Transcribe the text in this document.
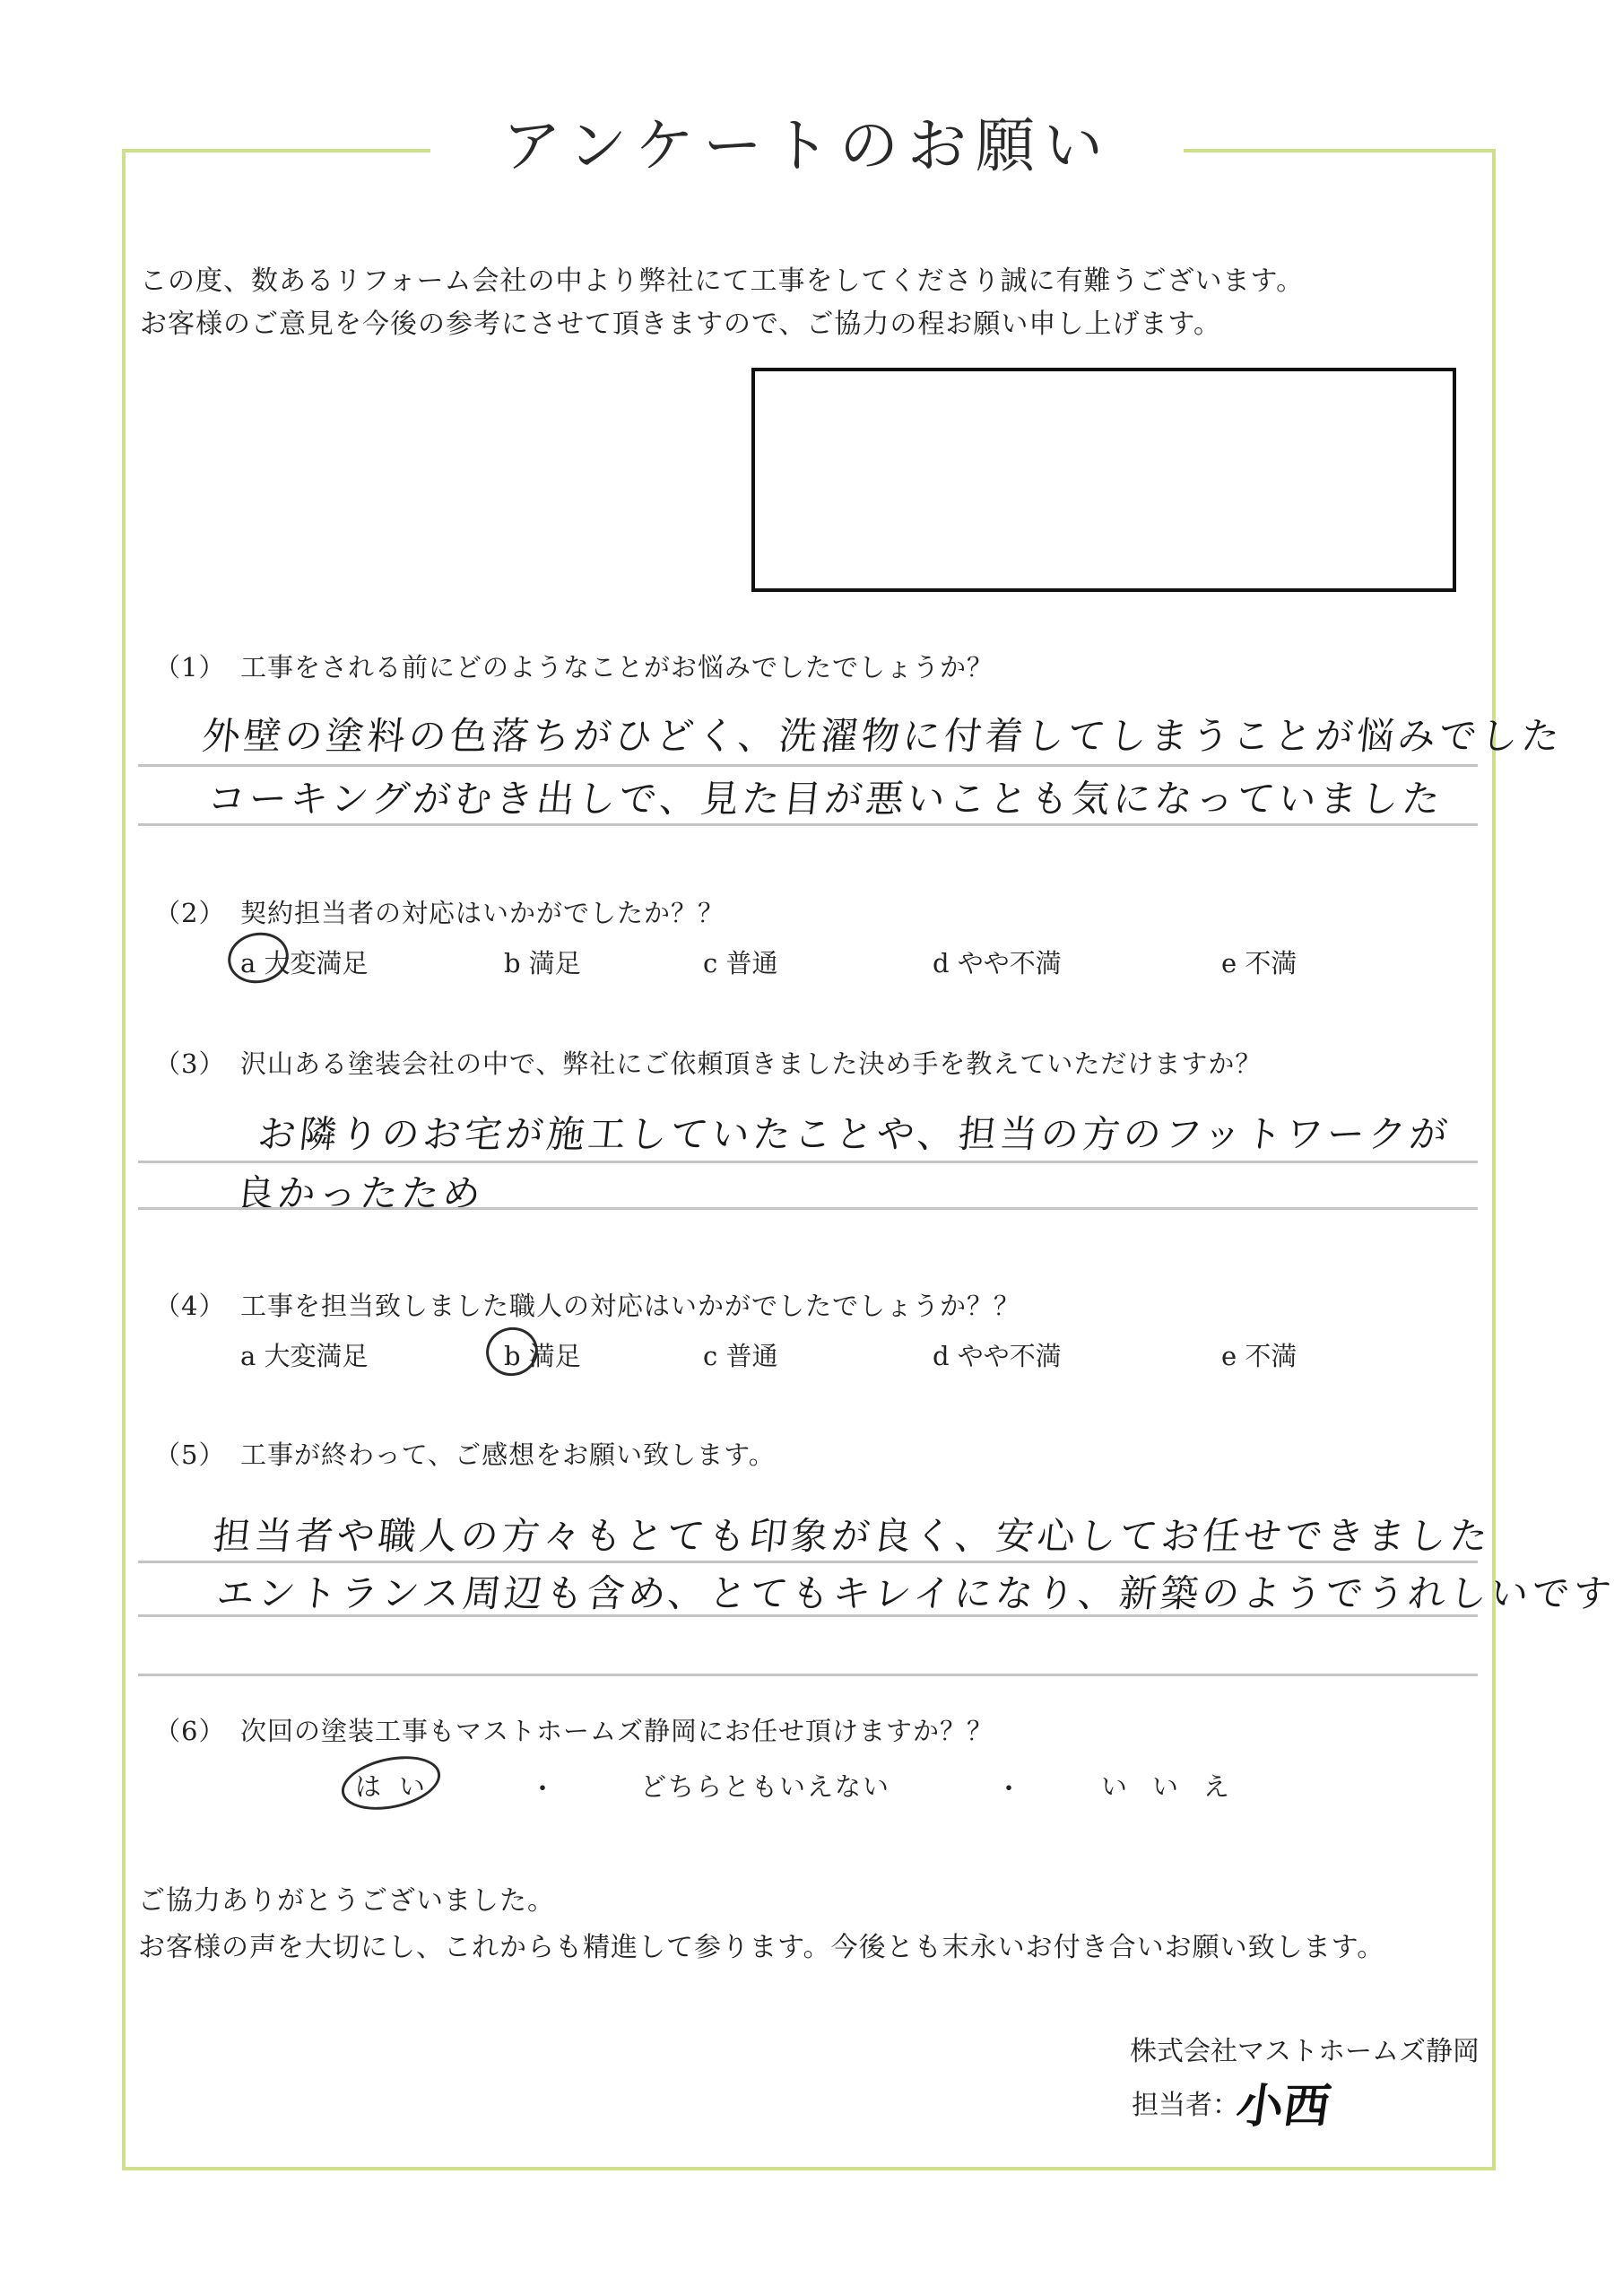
アンケートのお願い
この度、数あるリフォーム会社の中より弊社にて工事をしてくださり誠に有難うございます。
お客様のご意見を今後の参考にさせて頂きますので、ご協力の程お願い申し上げます。
（1） 工事をされる前にどのようなことがお悩みでしたでしょうか？
外壁の塗料の色落ちがひどく、洗濯物に付着してしまうことが悩みでした
コーキングがむき出しで、見た目が悪いことも気になっていました
（2） 契約担当者の対応はいかがでしたか？？
a 大変満足	b 満足	c 普通	d やや不満	e 不満
（3） 沢山ある塗装会社の中で、弊社にご依頼頂きました決め手を教えていただけますか？
お隣りのお宅が施工していたことや、担当の方のフットワークが
良かったため
（4） 工事を担当致しました職人の対応はいかがでしたでしょうか？？
a 大変満足	b 満足	c 普通	d やや不満	e 不満
（5） 工事が終わって、ご感想をお願い致します。
担当者や職人の方々もとても印象が良く、安心してお任せできました
エントランス周辺も含め、とてもキレイになり、新築のようでうれしいです
（6） 次回の塗装工事もマストホームズ静岡にお任せ頂けますか？？
はい	・	どちらともいえない	・	いいえ
ご協力ありがとうございました。
お客様の声を大切にし、これからも精進して参ります。今後とも末永いお付き合いお願い致します。
株式会社マストホームズ静岡
担当者：
小西
